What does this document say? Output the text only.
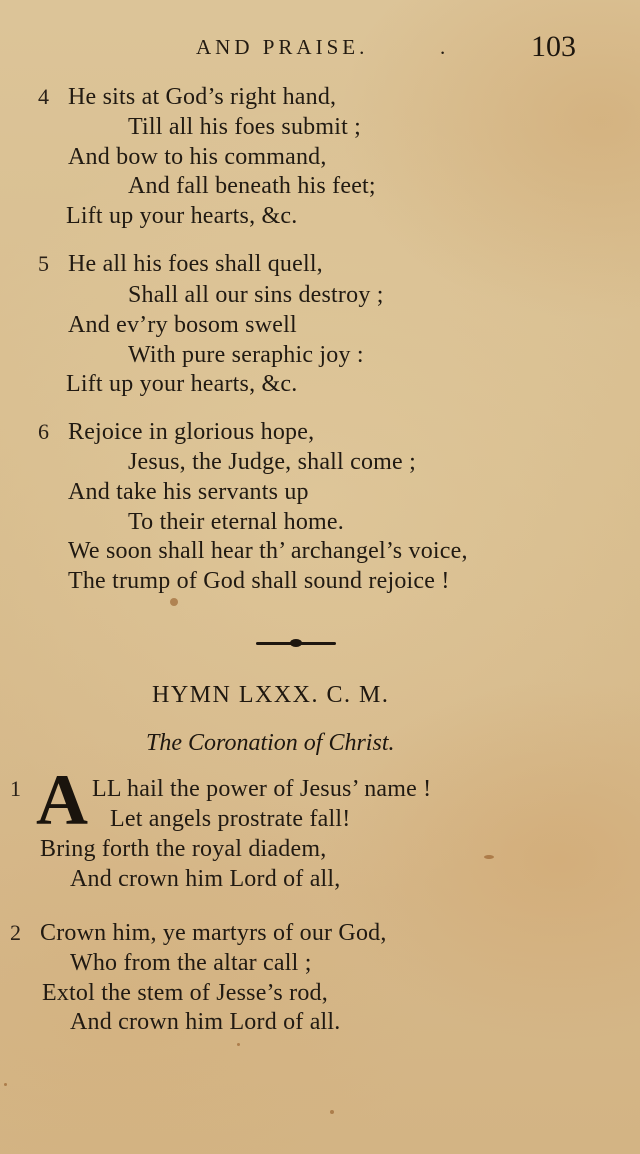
AND PRAISE.	.	103
4 He sits at God’s right hand,
Till all his foes submit ;
And bow to his command,
And fall beneath his feet;
Lift up your hearts, &c.
5 He all his foes shall quell,
Shall all our sins destroy ;
And ev’ry bosom swell
With pure seraphic joy :
Lift up your hearts, &c.
6 Rejoice in glorious hope,
Jesus, the Judge, shall come ;
And take his servants up
To their eternal home.
We soon shall hear th’ archangel’s voice,
The trump of God shall sound rejoice !
HYMN LXXX. C. M.
The Coronation of Christ.
1 A LL hail the power of Jesus’ name !
Let angels prostrate fall!
Bring forth the royal diadem,
And crown him Lord of all,
2 Crown him, ye martyrs of our God,
Who from the altar call ;
Extol the stem of Jesse’s rod,
And crown him Lord of all.
